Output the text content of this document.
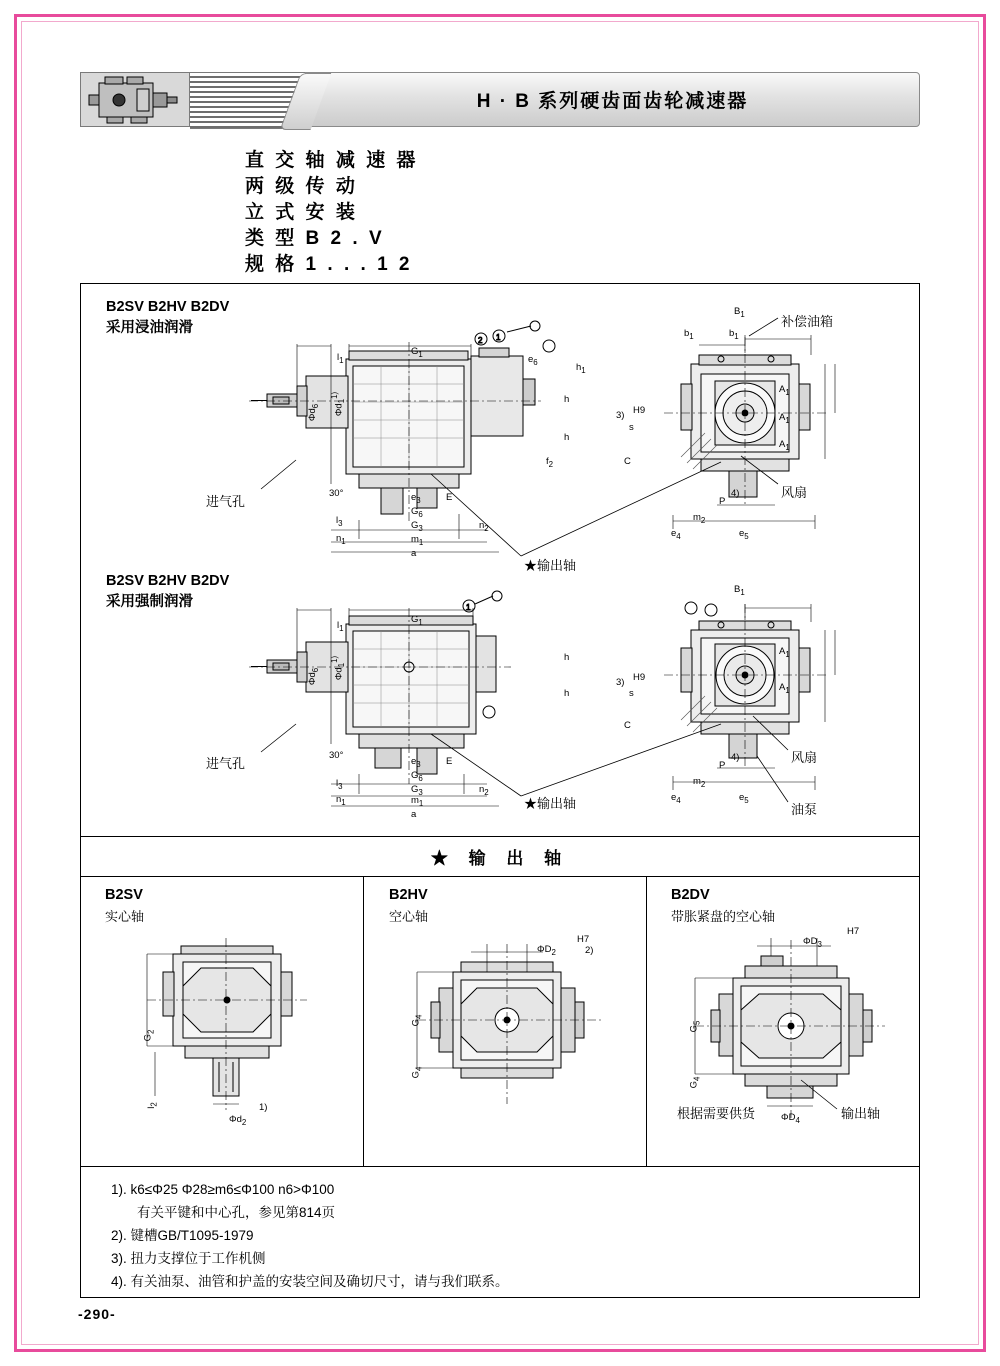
H · B 系列硬齿面齿轮减速器
直 交 轴 减 速 器
两 级 传 动
立 式 安 装
类 型 B 2 . V
规 格 1 . . . 1 2
B2SV B2HV B2DV
采用浸油润滑
2 1
$l_1$
$G_1$	$e_6$	$h_1$
h
h
$f_2$
$\Phi d_6$	$\Phi d_1^{1)}$
30°	$e_3$	E
$G_6$
$G_3$
$l_3$
$n_1$
$n_2$
$m_1$
a
$B_1$
$b_1$	$b_1$
$A_1$
$A_1$
$A_1$
H9
3)
s
C
P
4)
$m_2$
$e_4$	$e_5$
进气孔
★输出轴
风扇
补偿油箱
B2SV B2HV B2DV
采用强制润滑	1
$l_1$
$G_1$
h
h
$\Phi d_6$	$\Phi d_1^{1)}$
30°
$e_3$	E
$G_6$
$G_3$
$l_3$
$n_1$
$n_2$
$m_1$
a
$B_1$
$A_1$
$A_1$
H9
3)
s
C
P
4)
$m_2$
$e_4$	$e_5$
进气孔
★输出轴
风扇
油泵
★ 输 出 轴
B2SV
实心轴
$G_2$
$l_2$
$\Phi d_2$
1)
B2HV
空心轴
$\Phi D_2$
H7
2)
$G_4$
$G_4$
B2DV
带胀紧盘的空心轴
$\Phi D_3$
H7
$G_5$
$G_4$
$\Phi D_4$
根据需要供货	输出轴
1). k6≤Φ25 Φ28≥m6≤Φ100 n6>Φ100
有关平键和中心孔，参见第814页
2). 键槽GB/T1095-1979
3). 扭力支撑位于工作机侧
4). 有关油泵、油管和护盖的安装空间及确切尺寸，请与我们联系。
-290-
